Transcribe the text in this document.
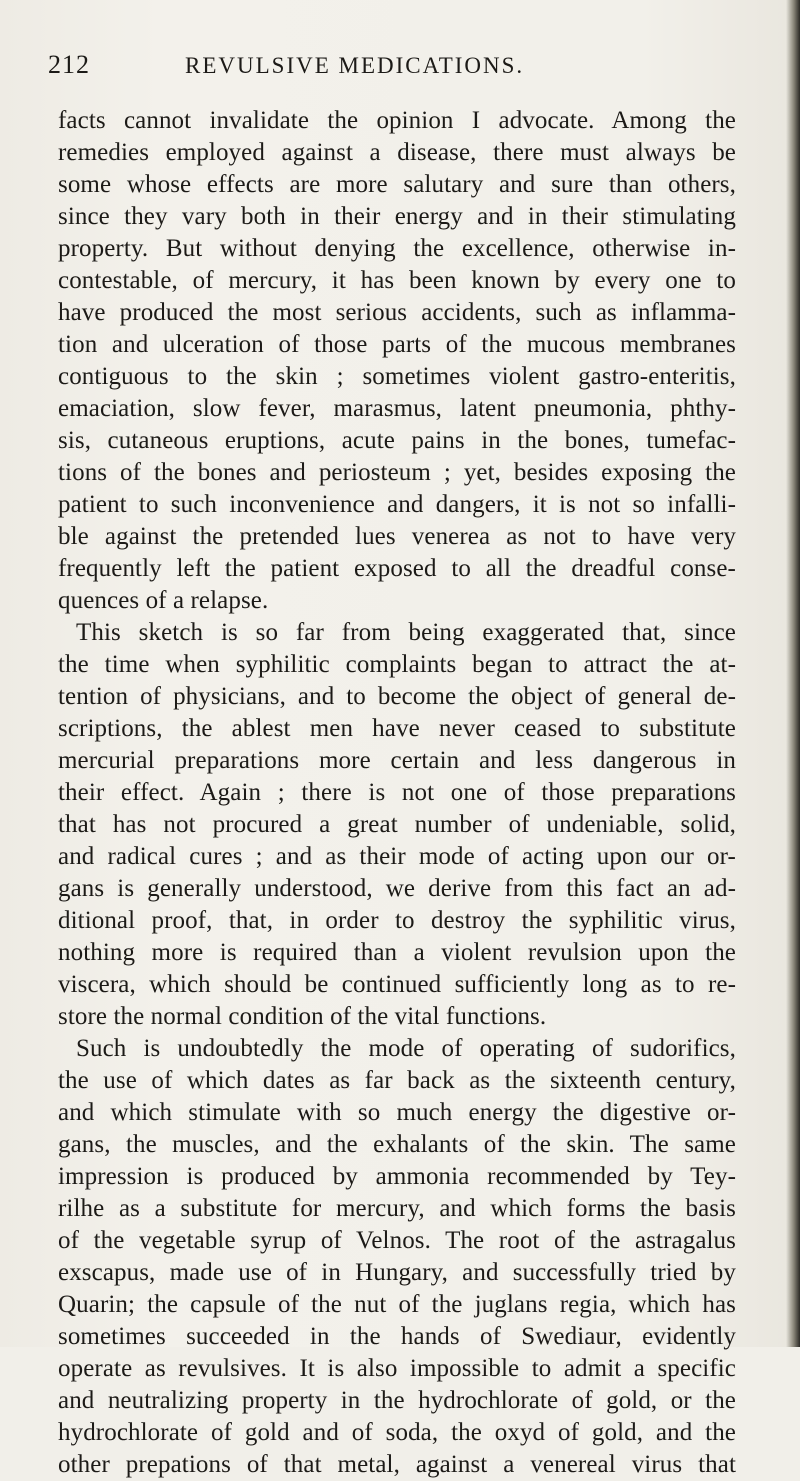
212	REVULSIVE MEDICATIONS.
facts cannot invalidate the opinion I advocate. Among the
remedies employed against a disease, there must always be
some whose effects are more salutary and sure than others,
since they vary both in their energy and in their stimulating
property. But without denying the excellence, otherwise in-
contestable, of mercury, it has been known by every one to
have produced the most serious accidents, such as inflamma-
tion and ulceration of those parts of the mucous membranes
contiguous to the skin ; sometimes violent gastro-enteritis,
emaciation, slow fever, marasmus, latent pneumonia, phthy-
sis, cutaneous eruptions, acute pains in the bones, tumefac-
tions of the bones and periosteum ; yet, besides exposing the
patient to such inconvenience and dangers, it is not so infalli-
ble against the pretended lues venerea as not to have very
frequently left the patient exposed to all the dreadful conse-
quences of a relapse.
This sketch is so far from being exaggerated that, since
the time when syphilitic complaints began to attract the at-
tention of physicians, and to become the object of general de-
scriptions, the ablest men have never ceased to substitute
mercurial preparations more certain and less dangerous in
their effect. Again ; there is not one of those preparations
that has not procured a great number of undeniable, solid,
and radical cures ; and as their mode of acting upon our or-
gans is generally understood, we derive from this fact an ad-
ditional proof, that, in order to destroy the syphilitic virus,
nothing more is required than a violent revulsion upon the
viscera, which should be continued sufficiently long as to re-
store the normal condition of the vital functions.
Such is undoubtedly the mode of operating of sudorifics,
the use of which dates as far back as the sixteenth century,
and which stimulate with so much energy the digestive or-
gans, the muscles, and the exhalants of the skin. The same
impression is produced by ammonia recommended by Tey-
rilhe as a substitute for mercury, and which forms the basis
of the vegetable syrup of Velnos. The root of the astragalus
exscapus, made use of in Hungary, and successfully tried by
Quarin; the capsule of the nut of the juglans regia, which has
sometimes succeeded in the hands of Swediaur, evidently
operate as revulsives. It is also impossible to admit a specific
and neutralizing property in the hydrochlorate of gold, or the
hydrochlorate of gold and of soda, the oxyd of gold, and the
other prepations of that metal, against a venereal virus that
